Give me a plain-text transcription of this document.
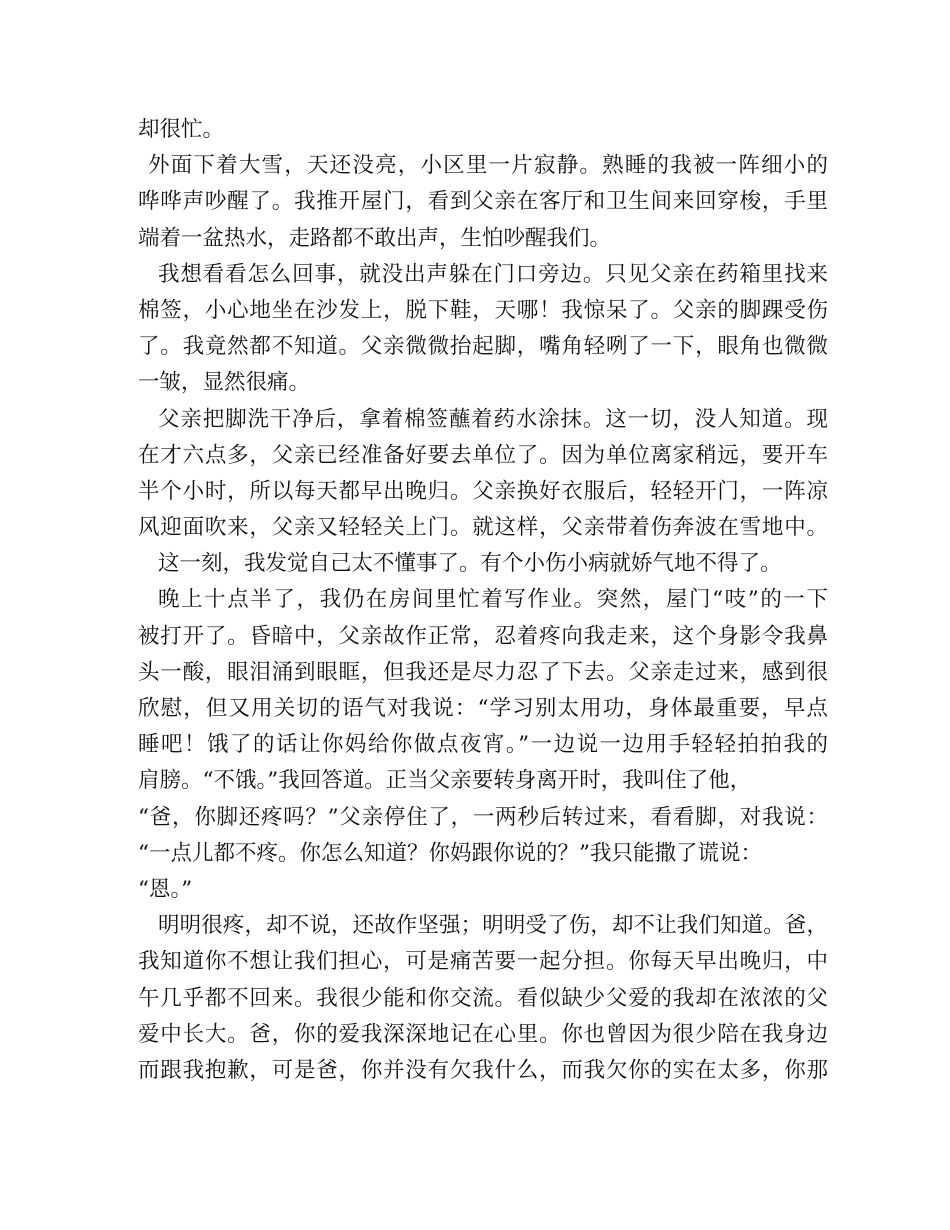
却很忙。
外面下着大雪，天还没亮，小区里一片寂静。熟睡的我被一阵细小的
哗哗声吵醒了。我推开屋门，看到父亲在客厅和卫生间来回穿梭，手里
端着一盆热水，走路都不敢出声，生怕吵醒我们。
我想看看怎么回事，就没出声躲在门口旁边。只见父亲在药箱里找来
棉签，小心地坐在沙发上，脱下鞋，天哪！我惊呆了。父亲的脚踝受伤
了。我竟然都不知道。父亲微微抬起脚，嘴角轻咧了一下，眼角也微微
一皱，显然很痛。
父亲把脚洗干净后，拿着棉签蘸着药水涂抹。这一切，没人知道。现
在才六点多，父亲已经准备好要去单位了。因为单位离家稍远，要开车
半个小时，所以每天都早出晚归。父亲换好衣服后，轻轻开门，一阵凉
风迎面吹来，父亲又轻轻关上门。就这样，父亲带着伤奔波在雪地中。
这一刻，我发觉自己太不懂事了。有个小伤小病就娇气地不得了。
晚上十点半了，我仍在房间里忙着写作业。突然，屋门“吱”的一下
被打开了。昏暗中，父亲故作正常，忍着疼向我走来，这个身影令我鼻
头一酸，眼泪涌到眼眶，但我还是尽力忍了下去。父亲走过来，感到很
欣慰，但又用关切的语气对我说：“学习别太用功，身体最重要，早点
睡吧！饿了的话让你妈给你做点夜宵。”一边说一边用手轻轻拍拍我的
肩膀。“不饿。”我回答道。正当父亲要转身离开时，我叫住了他，
“爸，你脚还疼吗？”父亲停住了，一两秒后转过来，看看脚，对我说：
“一点儿都不疼。你怎么知道？你妈跟你说的？”我只能撒了谎说：
“恩。”
明明很疼，却不说，还故作坚强；明明受了伤，却不让我们知道。爸，
我知道你不想让我们担心，可是痛苦要一起分担。你每天早出晚归，中
午几乎都不回来。我很少能和你交流。看似缺少父爱的我却在浓浓的父
爱中长大。爸，你的爱我深深地记在心里。你也曾因为很少陪在我身边
而跟我抱歉，可是爸，你并没有欠我什么，而我欠你的实在太多，你那
